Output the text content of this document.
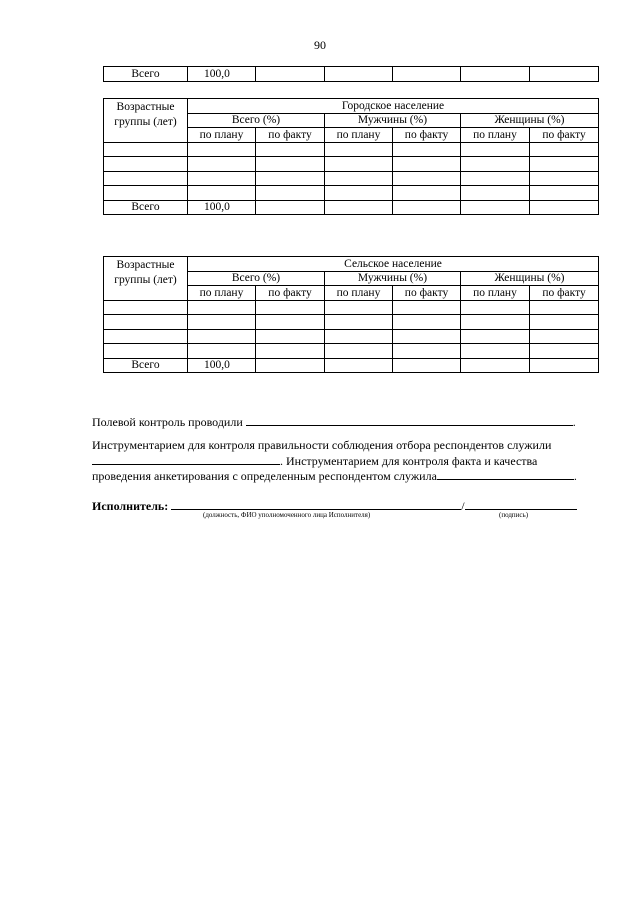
90
Всего	100,0					
Возрастные
группы (лет)	Городское население					
	Всего (%)		Мужчины (%)		Женщины (%)	
	по плану	по факту	по плану	по факту	по плану	по факту

Всего	100,0					
Возрастные
группы (лет)	Сельское население					
	Всего (%)		Мужчины (%)		Женщины (%)	
	по плану	по факту	по плану	по факту	по плану	по факту

Всего	100,0					
Полевой контроль проводили	.
Инструментарием для контроля правильности соблюдения отбора респондентов служили
. Инструментарием для контроля факта и качества
проведения анкетирования с определенным респондентом служила	.
Исполнитель:	/
(должность, ФИО уполномоченного лица Исполнителя)	(подпись)
